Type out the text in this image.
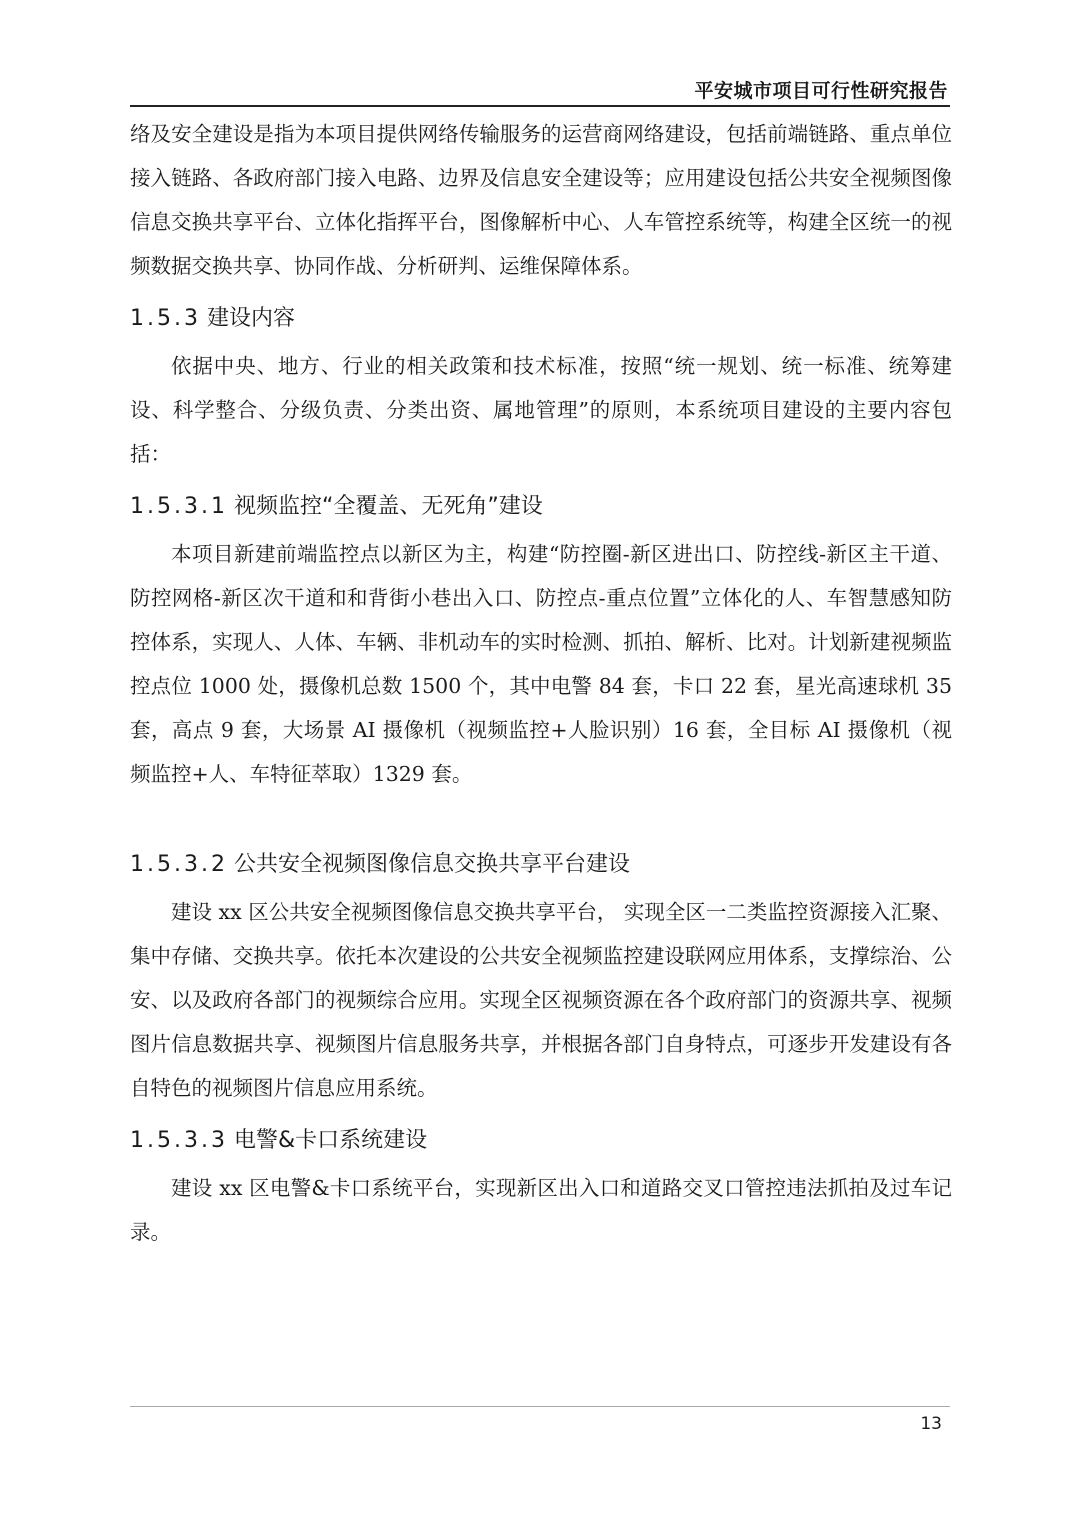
平安城市项目可行性研究报告

络及安全建设是指为本项目提供网络传输服务的运营商网络建设，包括前端链路、重点单位接入链路、各政府部门接入电路、边界及信息安全建设等；应用建设包括公共安全视频图像信息交换共享平台、立体化指挥平台，图像解析中心、人车管控系统等，构建全区统一的视频数据交换共享、协同作战、分析研判、运维保障体系。

1.5.3 建设内容

依据中央、地方、行业的相关政策和技术标准，按照“统一规划、统一标准、统筹建设、科学整合、分级负责、分类出资、属地管理”的原则，本系统项目建设的主要内容包括：

1.5.3.1 视频监控“全覆盖、无死角”建设

本项目新建前端监控点以新区为主，构建“防控圈-新区进出口、防控线-新区主干道、防控网格-新区次干道和和背街小巷出入口、防控点-重点位置”立体化的人、车智慧感知防控体系，实现人、人体、车辆、非机动车的实时检测、抓拍、解析、比对。计划新建视频监控点位 1000 处，摄像机总数 1500 个，其中电警 84 套，卡口 22 套，星光高速球机 35 套，高点 9 套，大场景 AI 摄像机（视频监控+人脸识别）16 套，全目标 AI 摄像机（视频监控+人、车特征萃取）1329 套。

1.5.3.2 公共安全视频图像信息交换共享平台建设

建设 xx 区公共安全视频图像信息交换共享平台， 实现全区一二类监控资源接入汇聚、集中存储、交换共享。依托本次建设的公共安全视频监控建设联网应用体系，支撑综治、公安、以及政府各部门的视频综合应用。实现全区视频资源在各个政府部门的资源共享、视频图片信息数据共享、视频图片信息服务共享，并根据各部门自身特点，可逐步开发建设有各自特色的视频图片信息应用系统。

1.5.3.3 电警&卡口系统建设

建设 xx 区电警&卡口系统平台，实现新区出入口和道路交叉口管控违法抓拍及过车记录。

13
